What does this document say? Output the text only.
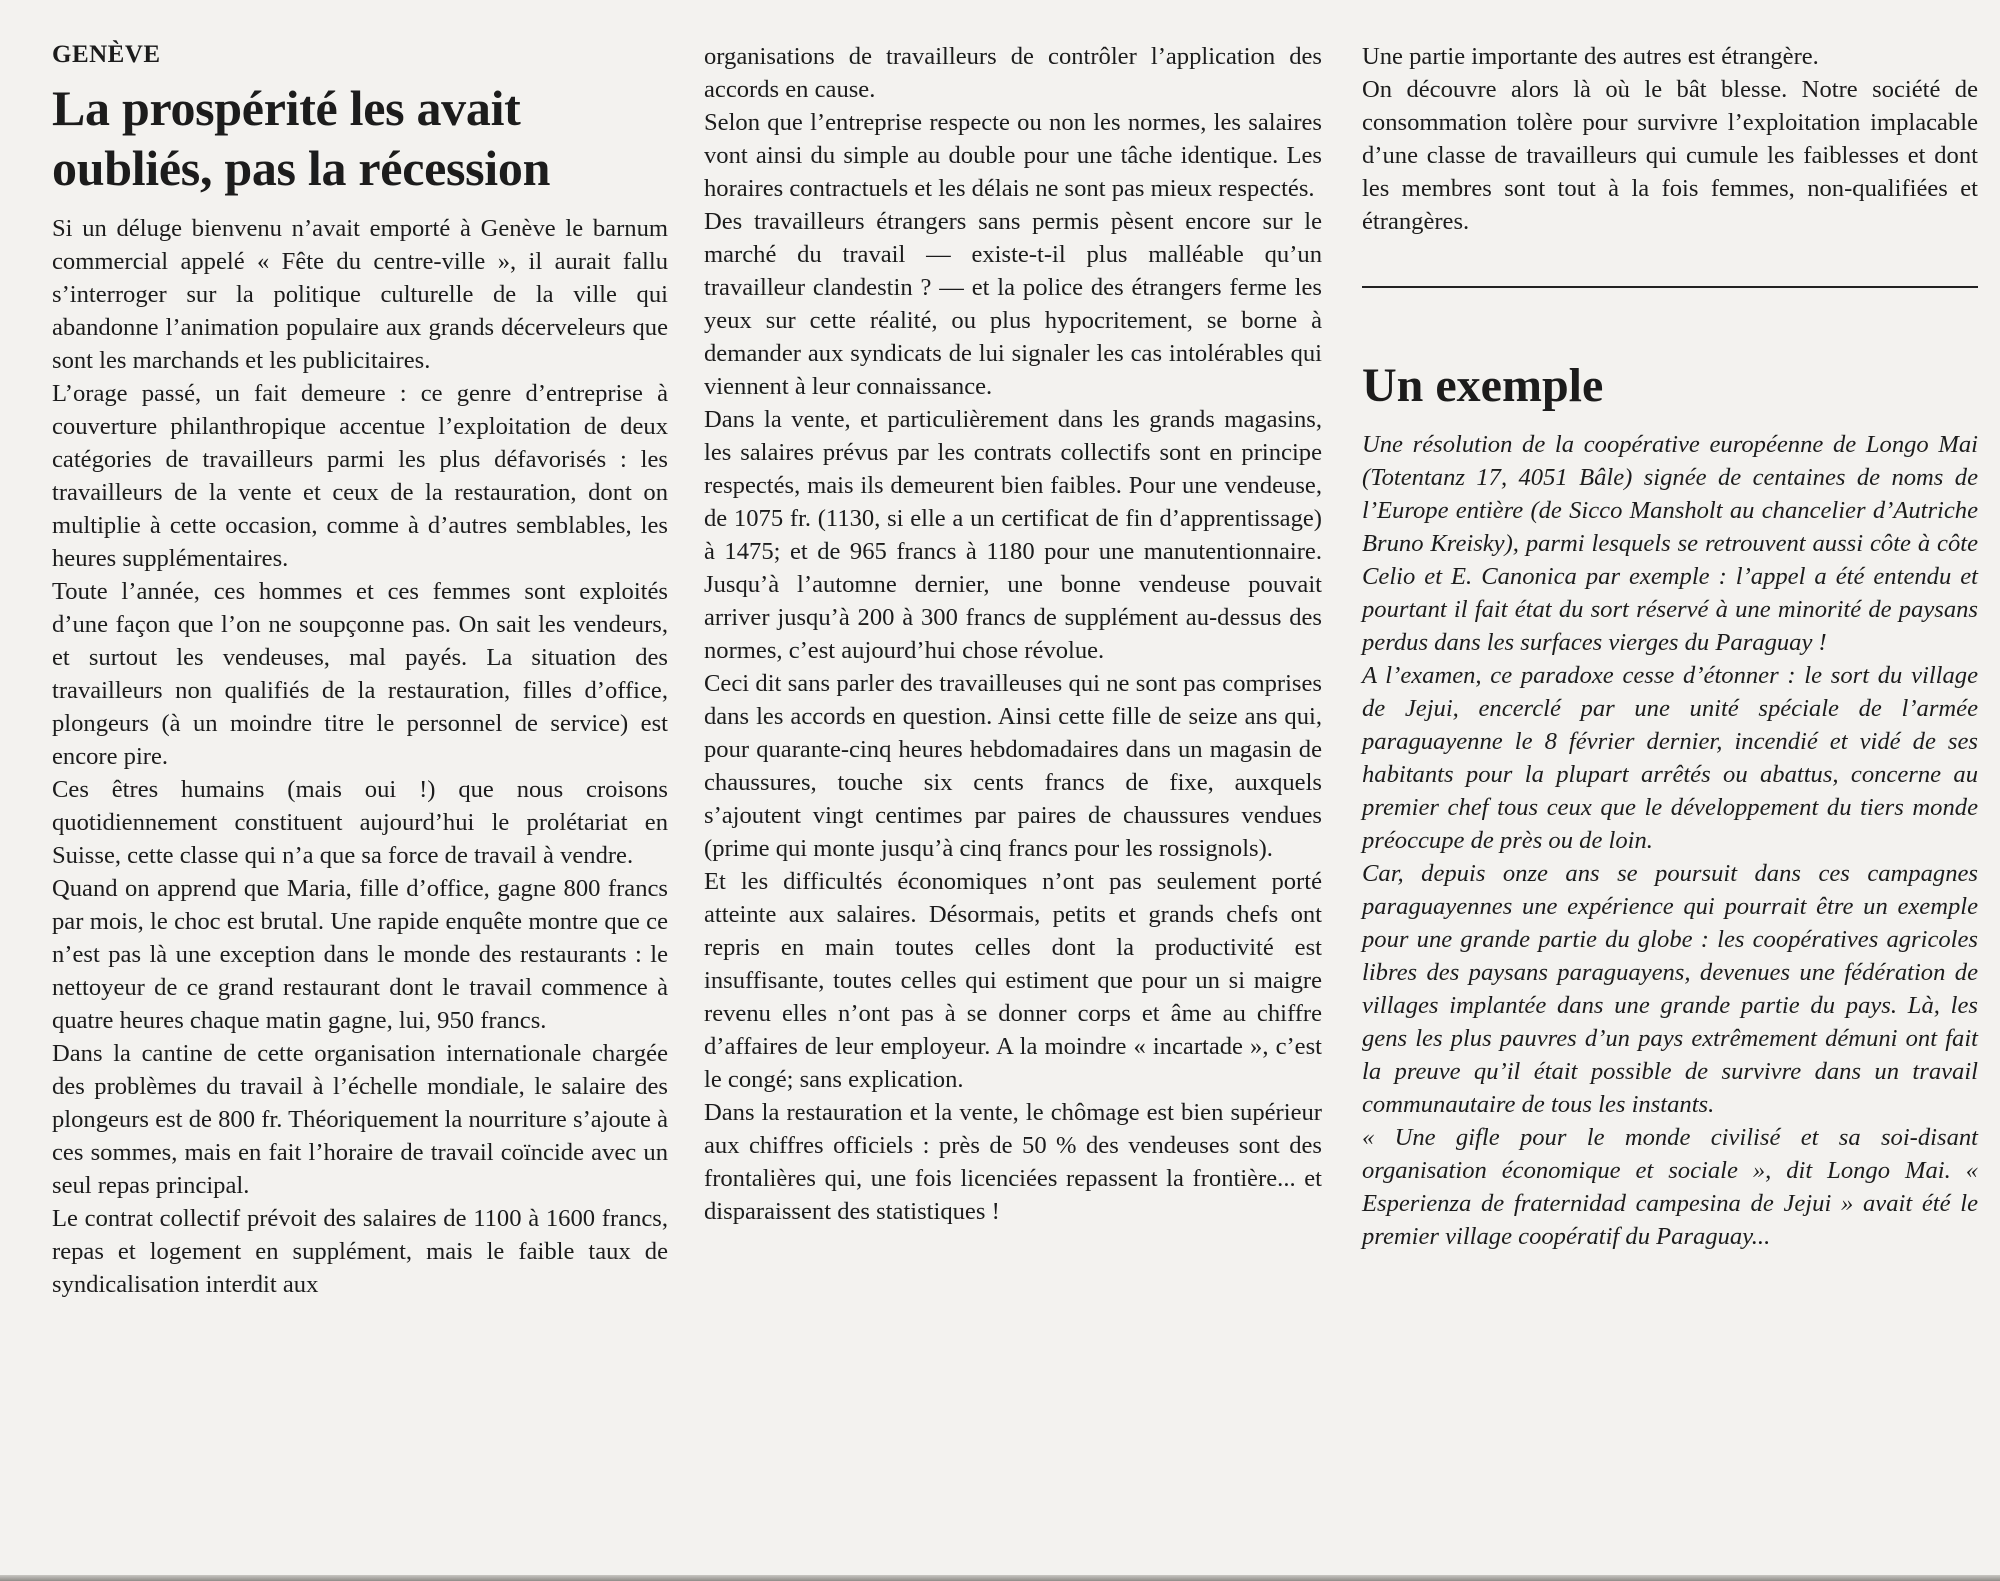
GENÈVE
La prospérité les avait oubliés, pas la récession

Si un déluge bienvenu n’avait emporté à Genève le barnum commercial appelé « Fête du centre-ville », il aurait fallu s’interroger sur la politique culturelle de la ville qui abandonne l’animation populaire aux grands décerveleurs que sont les marchands et les publicitaires.

L’orage passé, un fait demeure : ce genre d’entreprise à couverture philanthropique accentue l’exploitation de deux catégories de travailleurs parmi les plus défavorisés : les travailleurs de la vente et ceux de la restauration, dont on multiplie à cette occasion, comme à d’autres semblables, les heures supplémentaires.

Toute l’année, ces hommes et ces femmes sont exploités d’une façon que l’on ne soupçonne pas. On sait les vendeurs, et surtout les vendeuses, mal payés. La situation des travailleurs non qualifiés de la restauration, filles d’office, plongeurs (à un moindre titre le personnel de service) est encore pire.

Ces êtres humains (mais oui !) que nous croisons quotidiennement constituent aujourd’hui le prolétariat en Suisse, cette classe qui n’a que sa force de travail à vendre.

Quand on apprend que Maria, fille d’office, gagne 800 francs par mois, le choc est brutal. Une rapide enquête montre que ce n’est pas là une exception dans le monde des restaurants : le nettoyeur de ce grand restaurant dont le travail commence à quatre heures chaque matin gagne, lui, 950 francs.

Dans la cantine de cette organisation internationale chargée des problèmes du travail à l’échelle mondiale, le salaire des plongeurs est de 800 fr. Théoriquement la nourriture s’ajoute à ces sommes, mais en fait l’horaire de travail coïncide avec un seul repas principal.

Le contrat collectif prévoit des salaires de 1100 à 1600 francs, repas et logement en supplément, mais le faible taux de syndicalisation interdit aux

organisations de travailleurs de contrôler l’application des accords en cause.

Selon que l’entreprise respecte ou non les normes, les salaires vont ainsi du simple au double pour une tâche identique. Les horaires contractuels et les délais ne sont pas mieux respectés.

Des travailleurs étrangers sans permis pèsent encore sur le marché du travail — existe-t-il plus malléable qu’un travailleur clandestin ? — et la police des étrangers ferme les yeux sur cette réalité, ou plus hypocritement, se borne à demander aux syndicats de lui signaler les cas intolérables qui viennent à leur connaissance.

Dans la vente, et particulièrement dans les grands magasins, les salaires prévus par les contrats collectifs sont en principe respectés, mais ils demeurent bien faibles. Pour une vendeuse, de 1075 fr. (1130, si elle a un certificat de fin d’apprentissage) à 1475; et de 965 francs à 1180 pour une manutentionnaire. Jusqu’à l’automne dernier, une bonne vendeuse pouvait arriver jusqu’à 200 à 300 francs de supplément au-dessus des normes, c’est aujourd’hui chose révolue.

Ceci dit sans parler des travailleuses qui ne sont pas comprises dans les accords en question. Ainsi cette fille de seize ans qui, pour quarante-cinq heures hebdomadaires dans un magasin de chaussures, touche six cents francs de fixe, auxquels s’ajoutent vingt centimes par paires de chaussures vendues (prime qui monte jusqu’à cinq francs pour les rossignols).

Et les difficultés économiques n’ont pas seulement porté atteinte aux salaires. Désormais, petits et grands chefs ont repris en main toutes celles dont la productivité est insuffisante, toutes celles qui estiment que pour un si maigre revenu elles n’ont pas à se donner corps et âme au chiffre d’affaires de leur employeur. A la moindre « incartade », c’est le congé; sans explication.

Dans la restauration et la vente, le chômage est bien supérieur aux chiffres officiels : près de 50 % des vendeuses sont des frontalières qui, une fois licenciées repassent la frontière... et disparaissent des statistiques !

Une partie importante des autres est étrangère.

On découvre alors là où le bât blesse. Notre société de consommation tolère pour survivre l’exploitation implacable d’une classe de travailleurs qui cumule les faiblesses et dont les membres sont tout à la fois femmes, non-qualifiées et étrangères.

Un exemple

Une résolution de la coopérative européenne de Longo Mai (Totentanz 17, 4051 Bâle) signée de centaines de noms de l’Europe entière (de Sicco Mansholt au chancelier d’Autriche Bruno Kreisky), parmi lesquels se retrouvent aussi côte à côte Celio et E. Canonica par exemple : l’appel a été entendu et pourtant il fait état du sort réservé à une minorité de paysans perdus dans les surfaces vierges du Paraguay !

A l’examen, ce paradoxe cesse d’étonner : le sort du village de Jejui, encerclé par une unité spéciale de l’armée paraguayenne le 8 février dernier, incendié et vidé de ses habitants pour la plupart arrêtés ou abattus, concerne au premier chef tous ceux que le développement du tiers monde préoccupe de près ou de loin.

Car, depuis onze ans se poursuit dans ces campagnes paraguayennes une expérience qui pourrait être un exemple pour une grande partie du globe : les coopératives agricoles libres des paysans paraguayens, devenues une fédération de villages implantée dans une grande partie du pays. Là, les gens les plus pauvres d’un pays extrêmement démuni ont fait la preuve qu’il était possible de survivre dans un travail communautaire de tous les instants.

« Une gifle pour le monde civilisé et sa soi-disant organisation économique et sociale », dit Longo Mai. « Esperienza de fraternidad campesina de Jejui » avait été le premier village coopératif du Paraguay...
